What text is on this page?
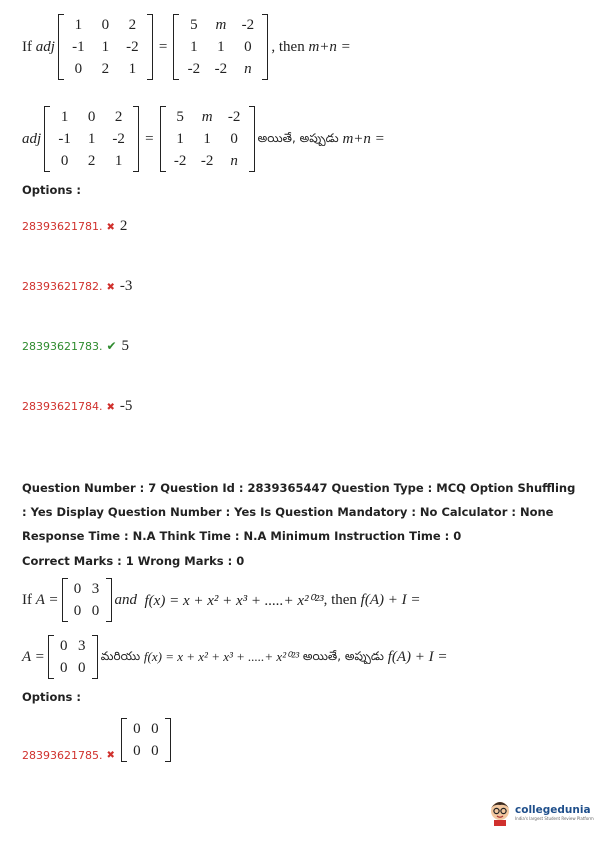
If
adj
1	0	2
-1	1	-2
0	2	1
=
5	m	-2
1	1	0
-2	-2	n
, then
m+n =
adj
1	0	2
-1	1	-2
0	2	1
=
5	m	-2
1	1	0
-2	-2	n
అయితే, అప్పుడు
m+n =
Options :
28393621781. ✖ 2
28393621782. ✖ -3
28393621783. ✔ 5
28393621784. ✖ -5
Question Number : 7 Question Id : 2839365447 Question Type : MCQ Option Shuffling : Yes Display Question Number : Yes Is Question Mandatory : No Calculator : None Response Time : N.A Think Time : N.A Minimum Instruction Time : 0
Correct Marks : 1 Wrong Marks : 0
If
A =
0	3
0	0
and
f(x) = x + x² + x³ + .....+ x²⁰²³ , then
f(A) + I =
A =
0	3
0	0
మరియు
f(x) = x + x² + x³ + .....+ x²⁰²³
అయితే, అప్పుడు
f(A) + I =
Options :
28393621785. ✖
0	0
0	0
collegedunia
India's largest Student Review Platform
